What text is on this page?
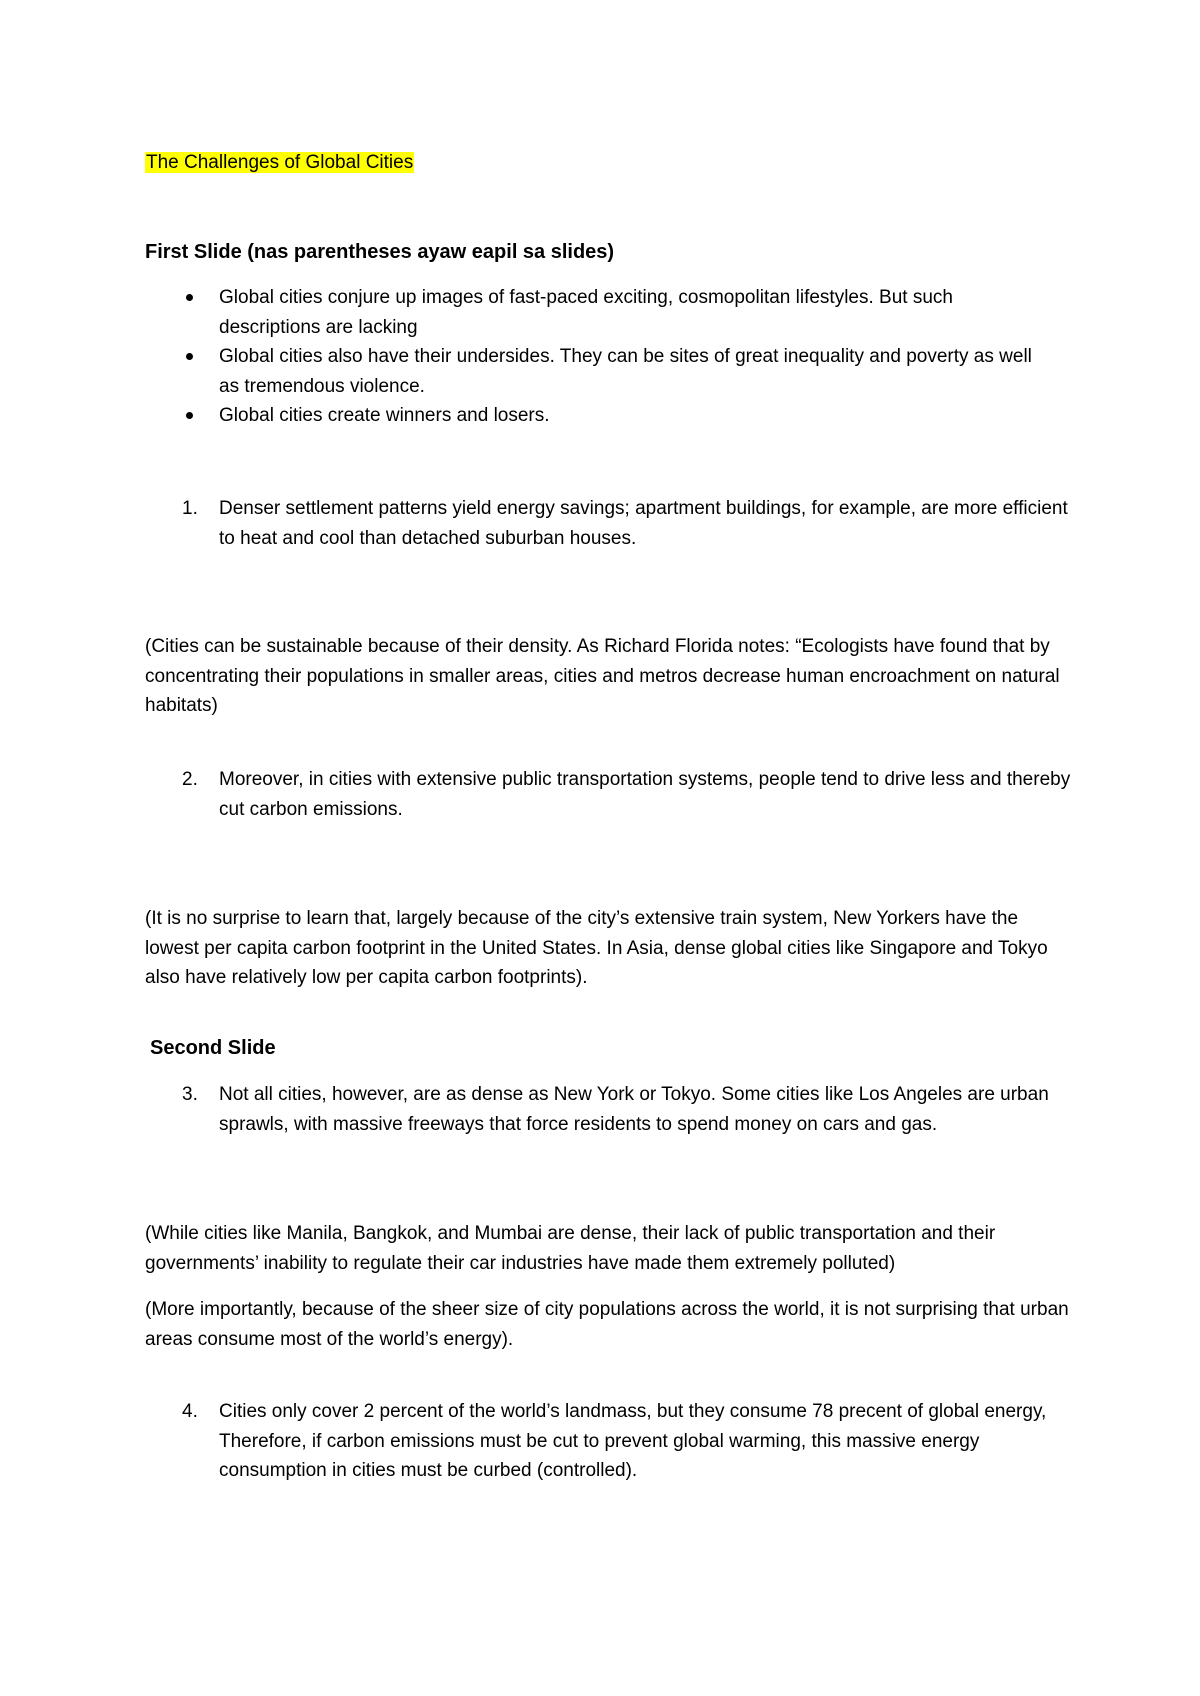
The Challenges of Global Cities

First Slide (nas parentheses ayaw eapil sa slides)

Global cities conjure up images of fast-paced exciting, cosmopolitan lifestyles. But such descriptions are lacking
Global cities also have their undersides. They can be sites of great inequality and poverty as well as tremendous violence.
Global cities create winners and losers.
1. Denser settlement patterns yield energy savings; apartment buildings, for example, are more efficient to heat and cool than detached suburban houses.

(Cities can be sustainable because of their density. As Richard Florida notes: “Ecologists have found that by concentrating their populations in smaller areas, cities and metros decrease human encroachment on natural habitats)

2. Moreover, in cities with extensive public transportation systems, people tend to drive less and thereby cut carbon emissions.

(It is no surprise to learn that, largely because of the city’s extensive train system, New Yorkers have the lowest per capita carbon footprint in the United States. In Asia, dense global cities like Singapore and Tokyo also have relatively low per capita carbon footprints).

Second Slide

3. Not all cities, however, are as dense as New York or Tokyo. Some cities like Los Angeles are urban sprawls, with massive freeways that force residents to spend money on cars and gas.

(While cities like Manila, Bangkok, and Mumbai are dense, their lack of public transportation and their governments’ inability to regulate their car industries have made them extremely polluted)

(More importantly, because of the sheer size of city populations across the world, it is not surprising that urban areas consume most of the world’s energy).

4. Cities only cover 2 percent of the world’s landmass, but they consume 78 precent of global energy, Therefore, if carbon emissions must be cut to prevent global warming, this massive energy consumption in cities must be curbed (controlled).
